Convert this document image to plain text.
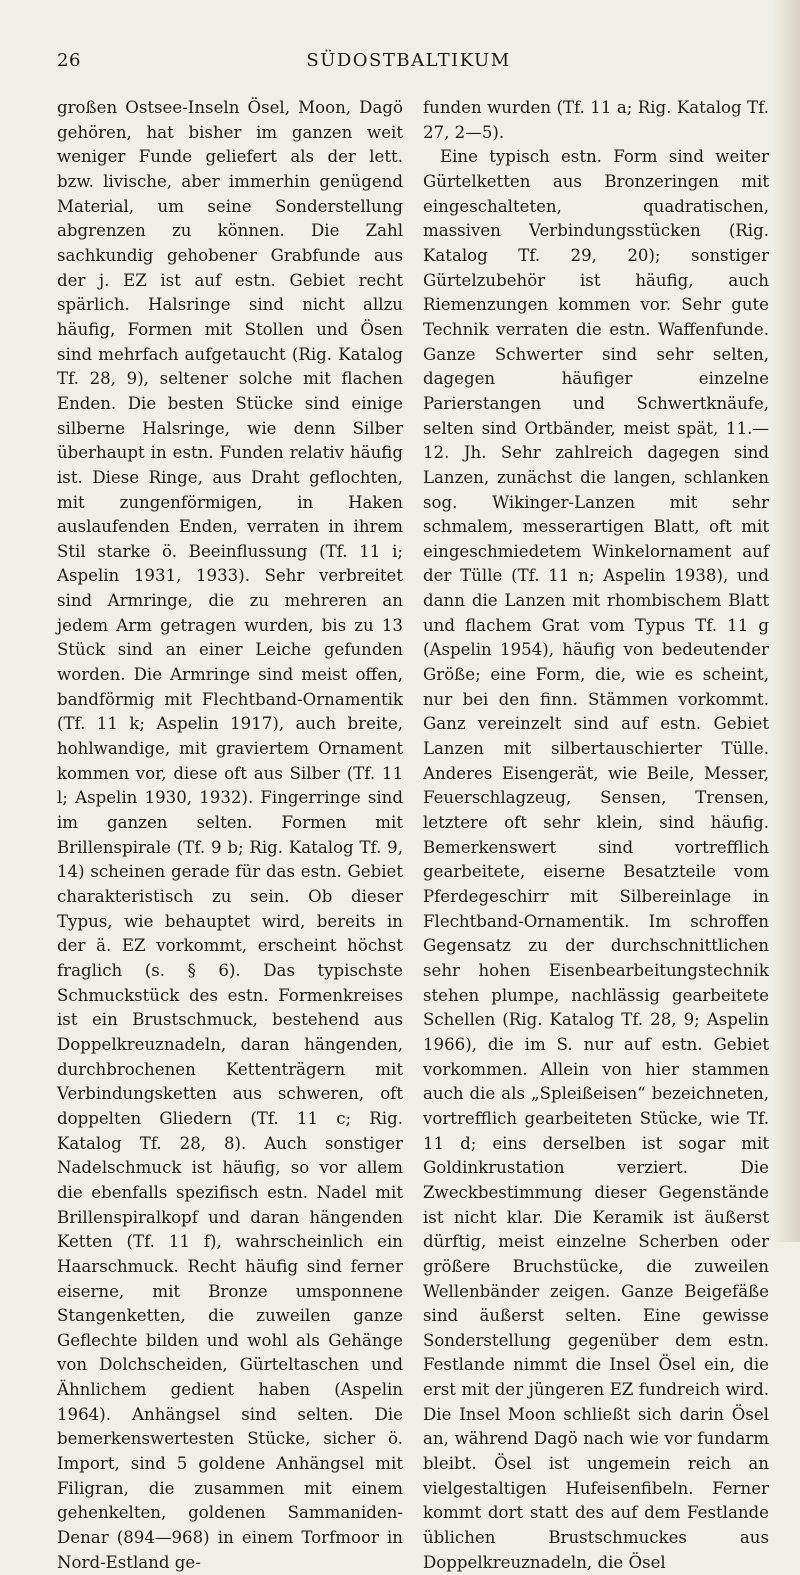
26	SÜDOSTBALTIKUM

großen Ostsee-Inseln Ösel, Moon, Dagö gehören, hat bisher im ganzen weit weniger Funde geliefert als der lett. bzw. livische, aber immerhin genügend Material, um seine Sonderstellung abgrenzen zu können. Die Zahl sachkundig gehobener Grabfunde aus der j. EZ ist auf estn. Gebiet recht spärlich. Halsringe sind nicht allzu häufig, Formen mit Stollen und Ösen sind mehrfach aufgetaucht (Rig. Katalog Tf. 28, 9), seltener solche mit flachen Enden. Die besten Stücke sind einige silberne Halsringe, wie denn Silber überhaupt in estn. Funden relativ häufig ist. Diese Ringe, aus Draht geflochten, mit zungenförmigen, in Haken auslaufenden Enden, verraten in ihrem Stil starke ö. Beeinflussung (Tf. 11 i; Aspelin 1931, 1933). Sehr verbreitet sind Armringe, die zu mehreren an jedem Arm getragen wurden, bis zu 13 Stück sind an einer Leiche gefunden worden. Die Armringe sind meist offen, bandförmig mit Flechtband-Ornamentik (Tf. 11 k; Aspelin 1917), auch breite, hohlwandige, mit graviertem Ornament kommen vor, diese oft aus Silber (Tf. 11 l; Aspelin 1930, 1932). Fingerringe sind im ganzen selten. Formen mit Brillenspirale (Tf. 9 b; Rig. Katalog Tf. 9, 14) scheinen gerade für das estn. Gebiet charakteristisch zu sein. Ob dieser Typus, wie behauptet wird, bereits in der ä. EZ vorkommt, erscheint höchst fraglich (s. § 6). Das typischste Schmuckstück des estn. Formenkreises ist ein Brustschmuck, bestehend aus Doppelkreuznadeln, daran hängenden, durchbrochenen Kettenträgern mit Verbindungsketten aus schweren, oft doppelten Gliedern (Tf. 11 c; Rig. Katalog Tf. 28, 8). Auch sonstiger Nadelschmuck ist häufig, so vor allem die ebenfalls spezifisch estn. Nadel mit Brillenspiralkopf und daran hängenden Ketten (Tf. 11 f), wahrscheinlich ein Haarschmuck. Recht häufig sind ferner eiserne, mit Bronze umsponnene Stangenketten, die zuweilen ganze Geflechte bilden und wohl als Gehänge von Dolchscheiden, Gürteltaschen und Ähnlichem gedient haben (Aspelin 1964). Anhängsel sind selten. Die bemerkenswertesten Stücke, sicher ö. Import, sind 5 goldene Anhängsel mit Filigran, die zusammen mit einem gehenkelten, goldenen Sammaniden-Denar (894—968) in einem Torfmoor in Nord-Estland ge-

funden wurden (Tf. 11 a; Rig. Katalog Tf. 27, 2—5).

Eine typisch estn. Form sind weiter Gürtelketten aus Bronzeringen mit eingeschalteten, quadratischen, massiven Verbindungsstücken (Rig. Katalog Tf. 29, 20); sonstiger Gürtelzubehör ist häufig, auch Riemenzungen kommen vor. Sehr gute Technik verraten die estn. Waffenfunde. Ganze Schwerter sind sehr selten, dagegen häufiger einzelne Parierstangen und Schwertknäufe, selten sind Ortbänder, meist spät, 11.—12. Jh. Sehr zahlreich dagegen sind Lanzen, zunächst die langen, schlanken sog. Wikinger-Lanzen mit sehr schmalem, messerartigen Blatt, oft mit eingeschmiedetem Winkelornament auf der Tülle (Tf. 11 n; Aspelin 1938), und dann die Lanzen mit rhombischem Blatt und flachem Grat vom Typus Tf. 11 g (Aspelin 1954), häufig von bedeutender Größe; eine Form, die, wie es scheint, nur bei den finn. Stämmen vorkommt. Ganz vereinzelt sind auf estn. Gebiet Lanzen mit silbertauschierter Tülle. Anderes Eisengerät, wie Beile, Messer, Feuerschlagzeug, Sensen, Trensen, letztere oft sehr klein, sind häufig. Bemerkenswert sind vortrefflich gearbeitete, eiserne Besatzteile vom Pferdegeschirr mit Silbereinlage in Flechtband-Ornamentik. Im schroffen Gegensatz zu der durchschnittlichen sehr hohen Eisenbearbeitungstechnik stehen plumpe, nachlässig gearbeitete Schellen (Rig. Katalog Tf. 28, 9; Aspelin 1966), die im S. nur auf estn. Gebiet vorkommen. Allein von hier stammen auch die als „Spleißeisen“ bezeichneten, vortrefflich gearbeiteten Stücke, wie Tf. 11 d; eins derselben ist sogar mit Goldinkrustation verziert. Die Zweckbestimmung dieser Gegenstände ist nicht klar. Die Keramik ist äußerst dürftig, meist einzelne Scherben oder größere Bruchstücke, die zuweilen Wellenbänder zeigen. Ganze Beigefäße sind äußerst selten. Eine gewisse Sonderstellung gegenüber dem estn. Festlande nimmt die Insel Ösel ein, die erst mit der jüngeren EZ fundreich wird. Die Insel Moon schließt sich darin Ösel an, während Dagö nach wie vor fundarm bleibt. Ösel ist ungemein reich an vielgestaltigen Hufeisenfibeln. Ferner kommt dort statt des auf dem Festlande üblichen Brustschmuckes aus Doppelkreuznadeln, die Ösel
